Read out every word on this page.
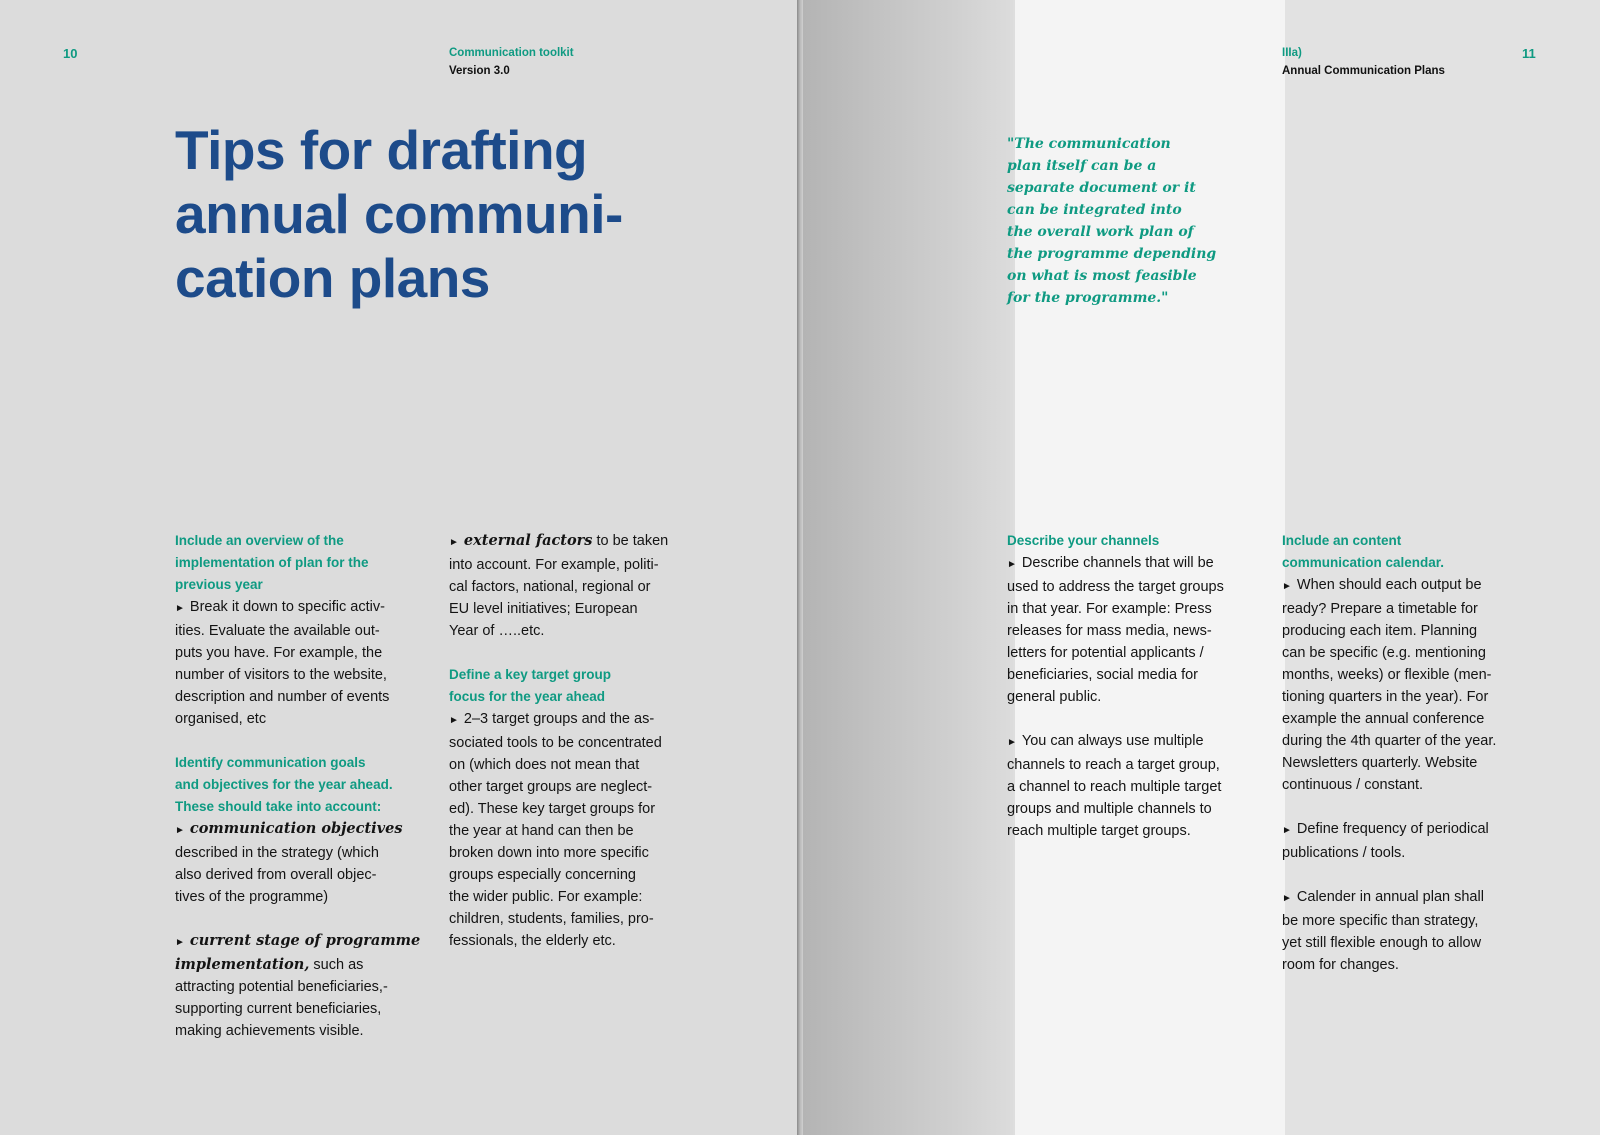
10	Communication toolkit
Version 3.0
Tips for drafting
annual communi-
cation plans

Include an overview of the

implementation of plan for the

previous year

► Break it down to specific activ-

ities. Evaluate the available out-

puts you have. For example, the

number of visitors to the website,

description and number of events

organised, etc

Identify communication goals

and objectives for the year ahead.

These should take into account:

► communication objectives

described in the strategy (which

also derived from overall objec-

tives of the programme)

► current stage of programme

implementation, such as

attracting potential beneficiaries,-

supporting current beneficiaries,

making achievements visible.

► external factors to be taken

into account. For example, politi-

cal factors, national, regional or

EU level initiatives; European

Year of …..etc.

Define a key target group

focus for the year ahead

► 2–3 target groups and the as-

sociated tools to be concentrated

on (which does not mean that

other target groups are neglect-

ed). These key target groups for

the year at hand can then be

broken down into more specific

groups especially concerning

the wider public. For example:

children, students, families, pro-

fessionals, the elderly etc.

IIIa)
Annual Communication Plans
11
"The communication
plan itself can be a
separate document or it
can be integrated into
the overall work plan of
the programme depending
on what is most feasible
for the programme."

Describe your channels

► Describe channels that will be

used to address the target groups

in that year. For example: Press

releases for mass media, news-

letters for potential applicants /

beneficiaries, social media for

general public.

► You can always use multiple

channels to reach a target group,

a channel to reach multiple target

groups and multiple channels to

reach multiple target groups.

Include an content

communication calendar.

► When should each output be

ready? Prepare a timetable for

producing each item. Planning

can be specific (e.g. mentioning

months, weeks) or flexible (men-

tioning quarters in the year). For

example the annual conference

during the 4th quarter of the year.

Newsletters quarterly. Website

continuous / constant.

► Define frequency of periodical

publications / tools.

► Calender in annual plan shall

be more specific than strategy,

yet still flexible enough to allow

room for changes.
